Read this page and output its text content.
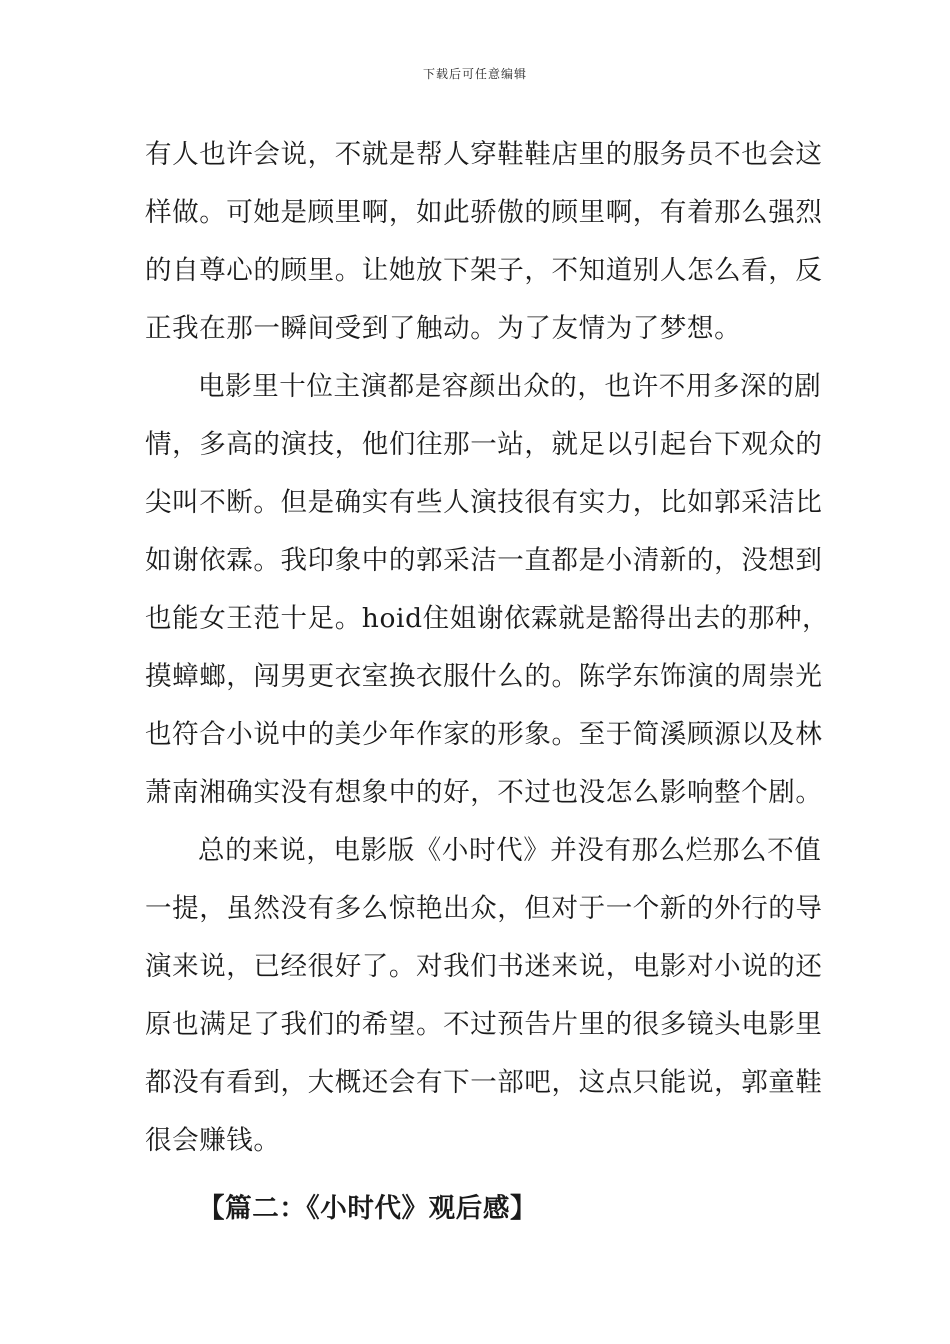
下载后可任意编辑
有人也许会说，不就是帮人穿鞋鞋店里的服务员不也会这
样做。可她是顾里啊，如此骄傲的顾里啊，有着那么强烈
的自尊心的顾里。让她放下架子，不知道别人怎么看，反
正我在那一瞬间受到了触动。为了友情为了梦想。
电影里十位主演都是容颜出众的，也许不用多深的剧
情，多高的演技，他们往那一站，就足以引起台下观众的
尖叫不断。但是确实有些人演技很有实力，比如郭采洁比
如谢依霖。我印象中的郭采洁一直都是小清新的，没想到
也能女王范十足。hoid住姐谢依霖就是豁得出去的那种，
摸蟑螂，闯男更衣室换衣服什么的。陈学东饰演的周崇光
也符合小说中的美少年作家的形象。至于简溪顾源以及林
萧南湘确实没有想象中的好，不过也没怎么影响整个剧。
总的来说，电影版《小时代》并没有那么烂那么不值
一提，虽然没有多么惊艳出众，但对于一个新的外行的导
演来说，已经很好了。对我们书迷来说，电影对小说的还
原也满足了我们的希望。不过预告片里的很多镜头电影里
都没有看到，大概还会有下一部吧，这点只能说，郭童鞋
很会赚钱。
【篇二：《小时代》观后感】
